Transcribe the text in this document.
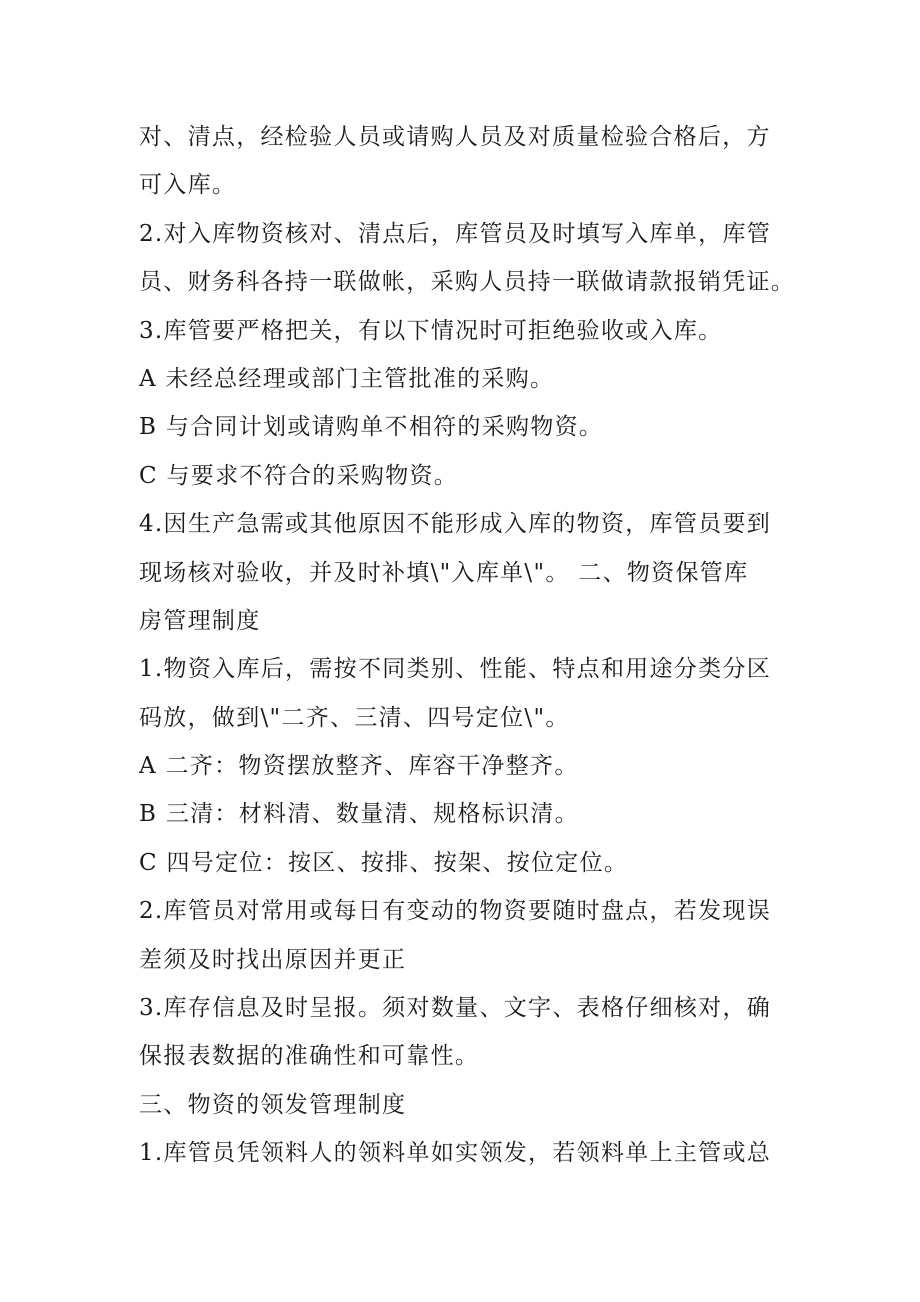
对、清点，经检验人员或请购人员及对质量检验合格后，方
可入库。
2.对入库物资核对、清点后，库管员及时填写入库单，库管
员、财务科各持一联做帐，采购人员持一联做请款报销凭证。
3.库管要严格把关，有以下情况时可拒绝验收或入库。
A 未经总经理或部门主管批准的采购。
B 与合同计划或请购单不相符的采购物资。
C 与要求不符合的采购物资。
4.因生产急需或其他原因不能形成入库的物资，库管员要到
现场核对验收，并及时补填\"入库单\"。 二、物资保管库
房管理制度
1.物资入库后，需按不同类别、性能、特点和用途分类分区
码放，做到\"二齐、三清、四号定位\"。
A 二齐：物资摆放整齐、库容干净整齐。
B 三清：材料清、数量清、规格标识清。
C 四号定位：按区、按排、按架、按位定位。
2.库管员对常用或每日有变动的物资要随时盘点，若发现误
差须及时找出原因并更正
3.库存信息及时呈报。须对数量、文字、表格仔细核对，确
保报表数据的准确性和可靠性。
三、物资的领发管理制度
1.库管员凭领料人的领料单如实领发，若领料单上主管或总
